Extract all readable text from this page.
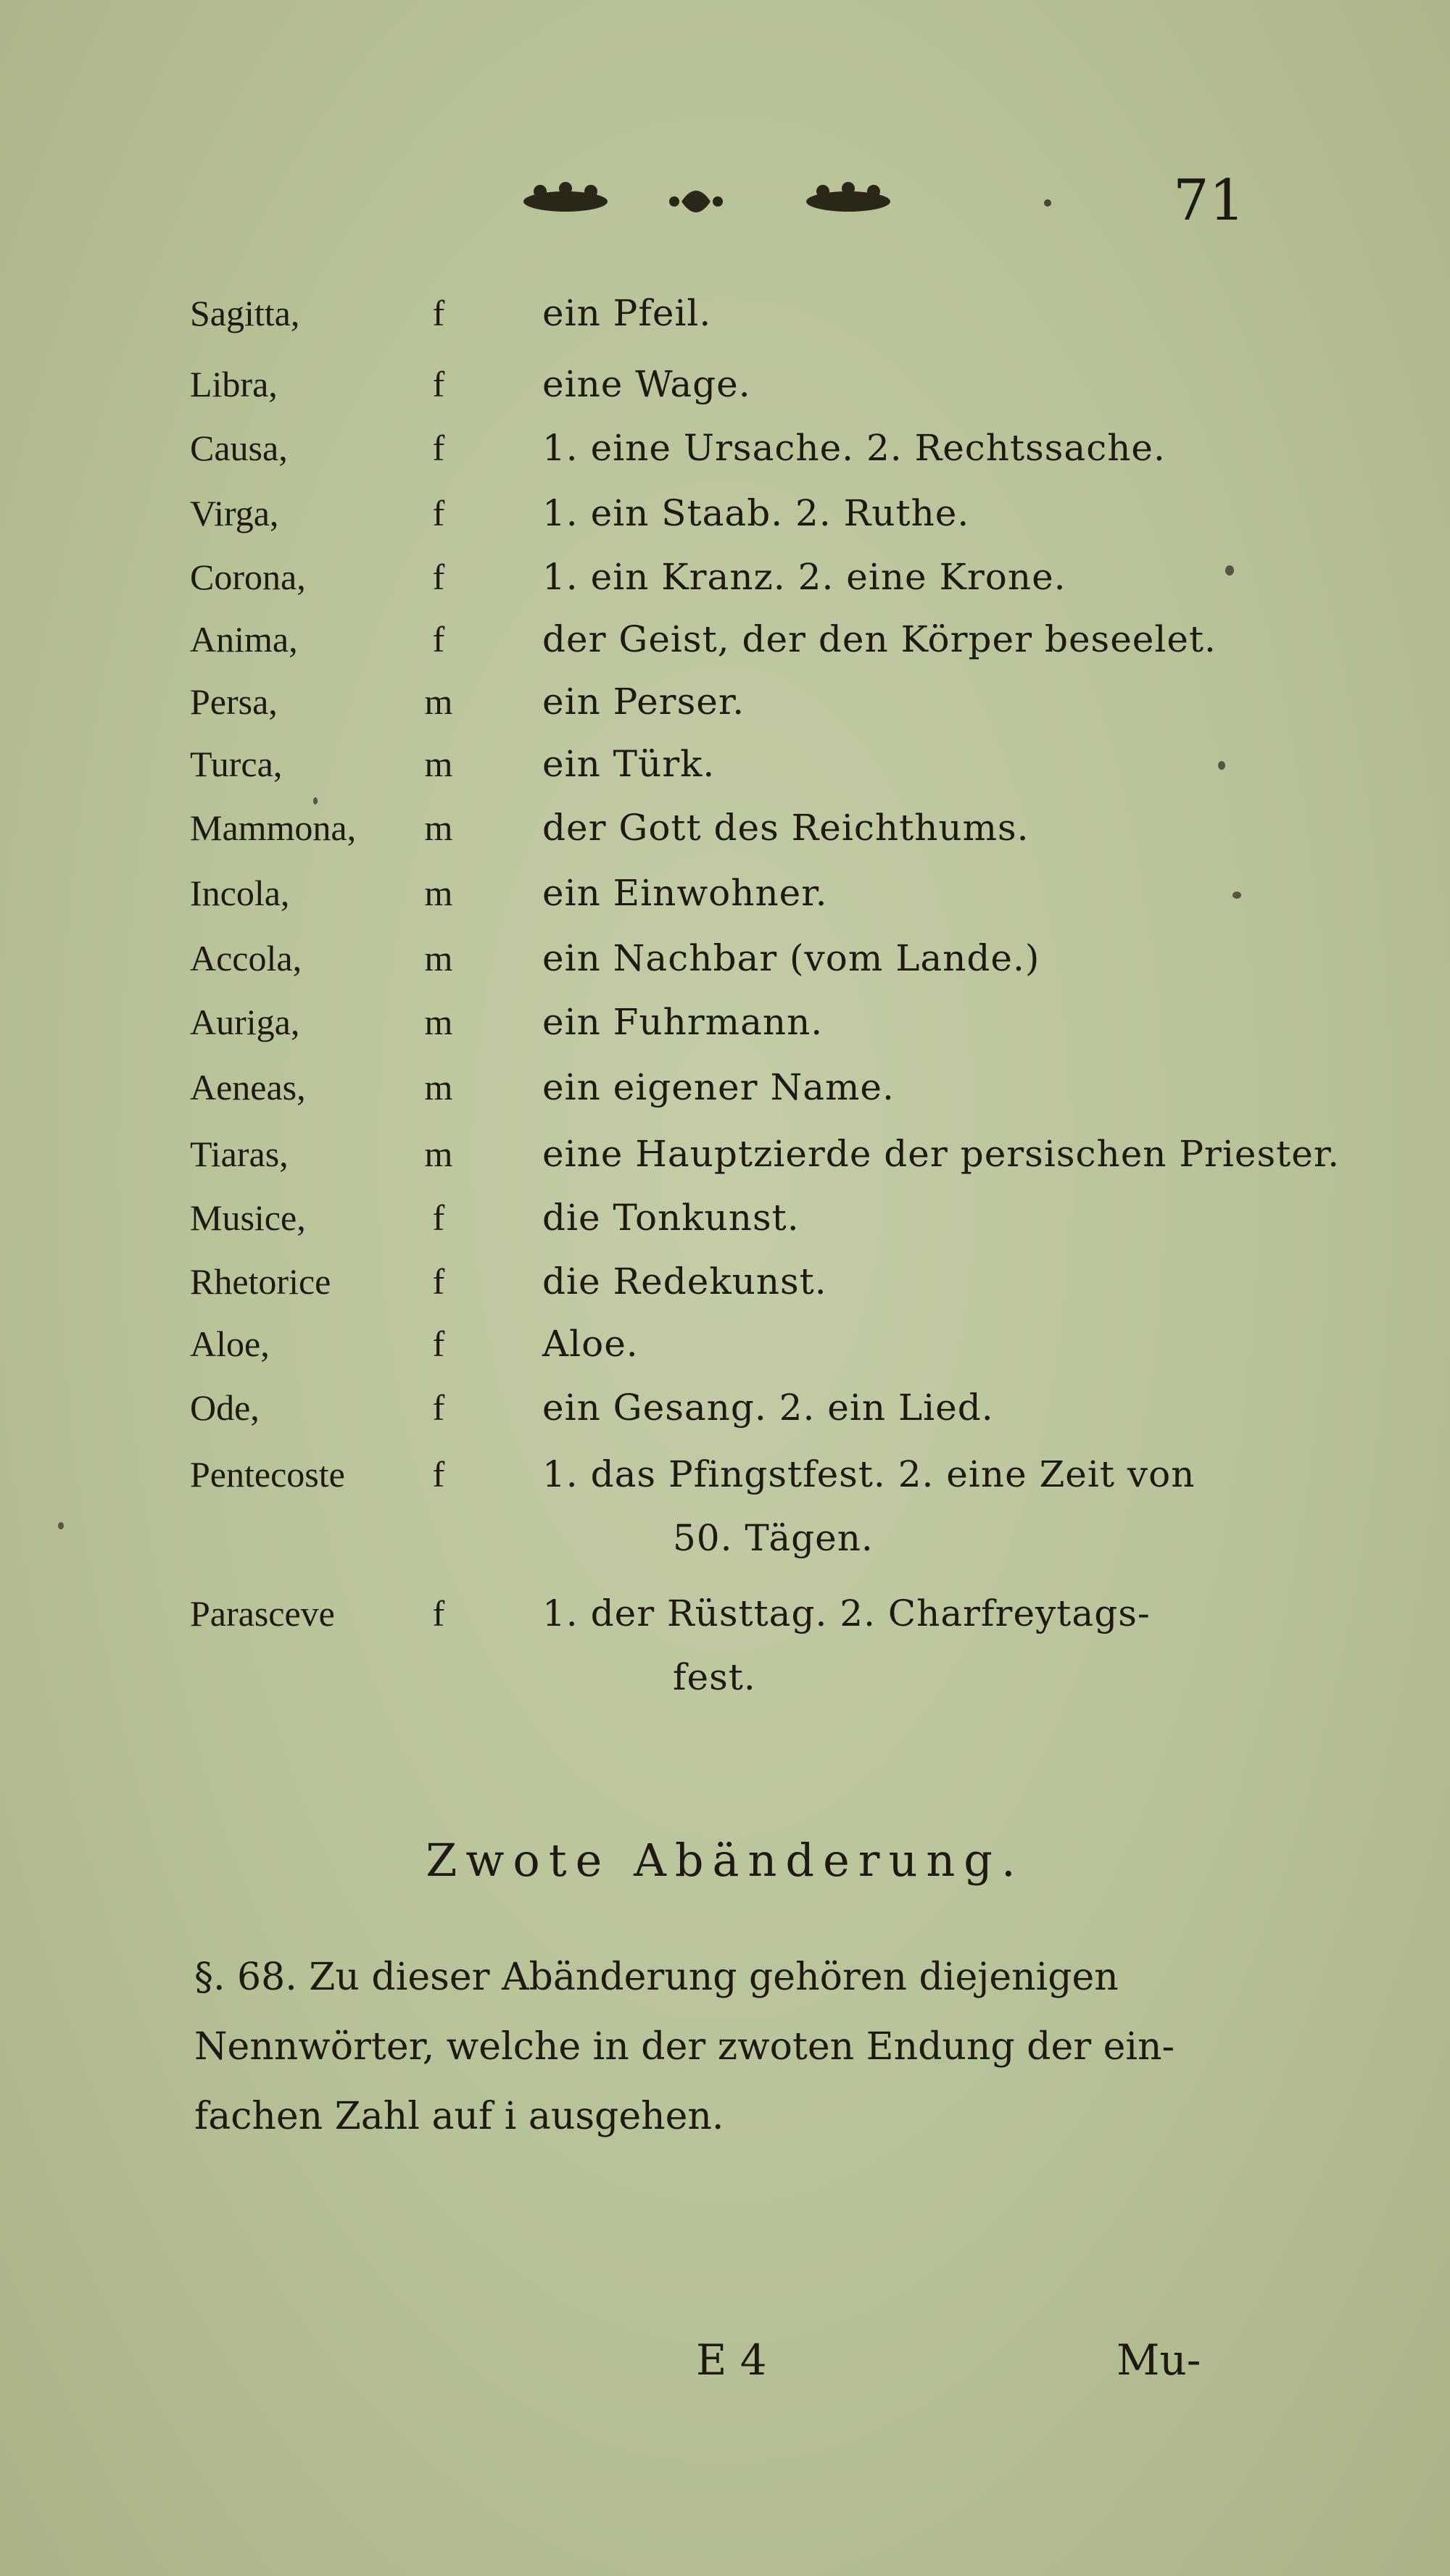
71
Sagitta,	f	ein Pfeil.
Libra,	f	eine Wage.
Causa,	f	1. eine Ursache. 2. Rechtssache.
Virga,	f	1. ein Staab. 2. Ruthe.
Corona,	f	1. ein Kranz. 2. eine Krone.
Anima,	f	der Geist, der den Körper beseelet.
Persa,	m	ein Perser.
Turca,	m	ein Türk.
Mammona,	m	der Gott des Reichthums.
Incola,	m	ein Einwohner.
Accola,	m	ein Nachbar (vom Lande.)
Auriga,	m	ein Fuhrmann.
Aeneas,	m	ein eigener Name.
Tiaras,	m	eine Hauptzierde der persischen Priester.
Musice,	f	die Tonkunst.
Rhetorice	f	die Redekunst.
Aloe,	f	Aloe.
Ode,	f	ein Gesang. 2. ein Lied.
Pentecoste	f	1. das Pfingstfest. 2. eine Zeit von
50. Tägen.
Parasceve	f	1. der Rüsttag. 2. Charfreytags-
fest.
Zwote Abänderung.
§. 68. Zu dieser Abänderung gehören diejenigen
Nennwörter, welche in der zwoten Endung der ein-
fachen Zahl auf i ausgehen.
E 4	Mu-
